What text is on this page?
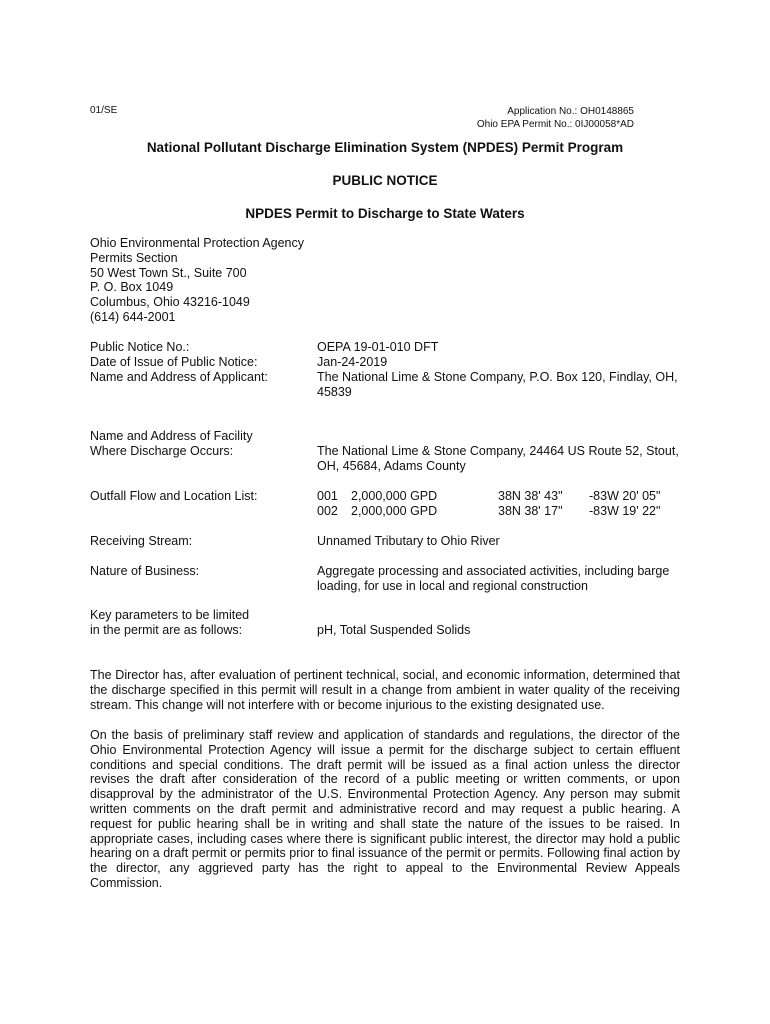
01/SE	Application No.: OH0148865
Ohio EPA Permit No.: 0IJ00058*AD
National Pollutant Discharge Elimination System (NPDES) Permit Program
PUBLIC NOTICE
NPDES Permit to Discharge to State Waters
Ohio Environmental Protection Agency
Permits Section
50 West Town St., Suite 700
P. O. Box 1049
Columbus, Ohio 43216-1049
(614) 644-2001
Public Notice No.:	OEPA 19-01-010 DFT
Date of Issue of Public Notice:	Jan-24-2019
Name and Address of Applicant:	The National Lime & Stone Company, P.O. Box 120, Findlay, OH, 45839
Name and Address of Facility
Where Discharge Occurs:	The National Lime & Stone Company, 24464 US Route 52, Stout, OH, 45684, Adams County
Outfall Flow and Location List:	001 2,000,000 GPD	38N 38' 43" -83W 20' 05"
002 2,000,000 GPD	38N 38' 17" -83W 19' 22"
Receiving Stream:	Unnamed Tributary to Ohio River
Nature of Business:	Aggregate processing and associated activities, including barge loading, for use in local and regional construction
Key parameters to be limited
in the permit are as follows:	pH, Total Suspended Solids
The Director has, after evaluation of pertinent technical, social, and economic information, determined that the discharge specified in this permit will result in a change from ambient in water quality of the receiving stream. This change will not interfere with or become injurious to the existing designated use.
On the basis of preliminary staff review and application of standards and regulations, the director of the Ohio Environmental Protection Agency will issue a permit for the discharge subject to certain effluent conditions and special conditions. The draft permit will be issued as a final action unless the director revises the draft after consideration of the record of a public meeting or written comments, or upon disapproval by the administrator of the U.S. Environmental Protection Agency. Any person may submit written comments on the draft permit and administrative record and may request a public hearing. A request for public hearing shall be in writing and shall state the nature of the issues to be raised. In appropriate cases, including cases where there is significant public interest, the director may hold a public hearing on a draft permit or permits prior to final issuance of the permit or permits. Following final action by the director, any aggrieved party has the right to appeal to the Environmental Review Appeals Commission.
